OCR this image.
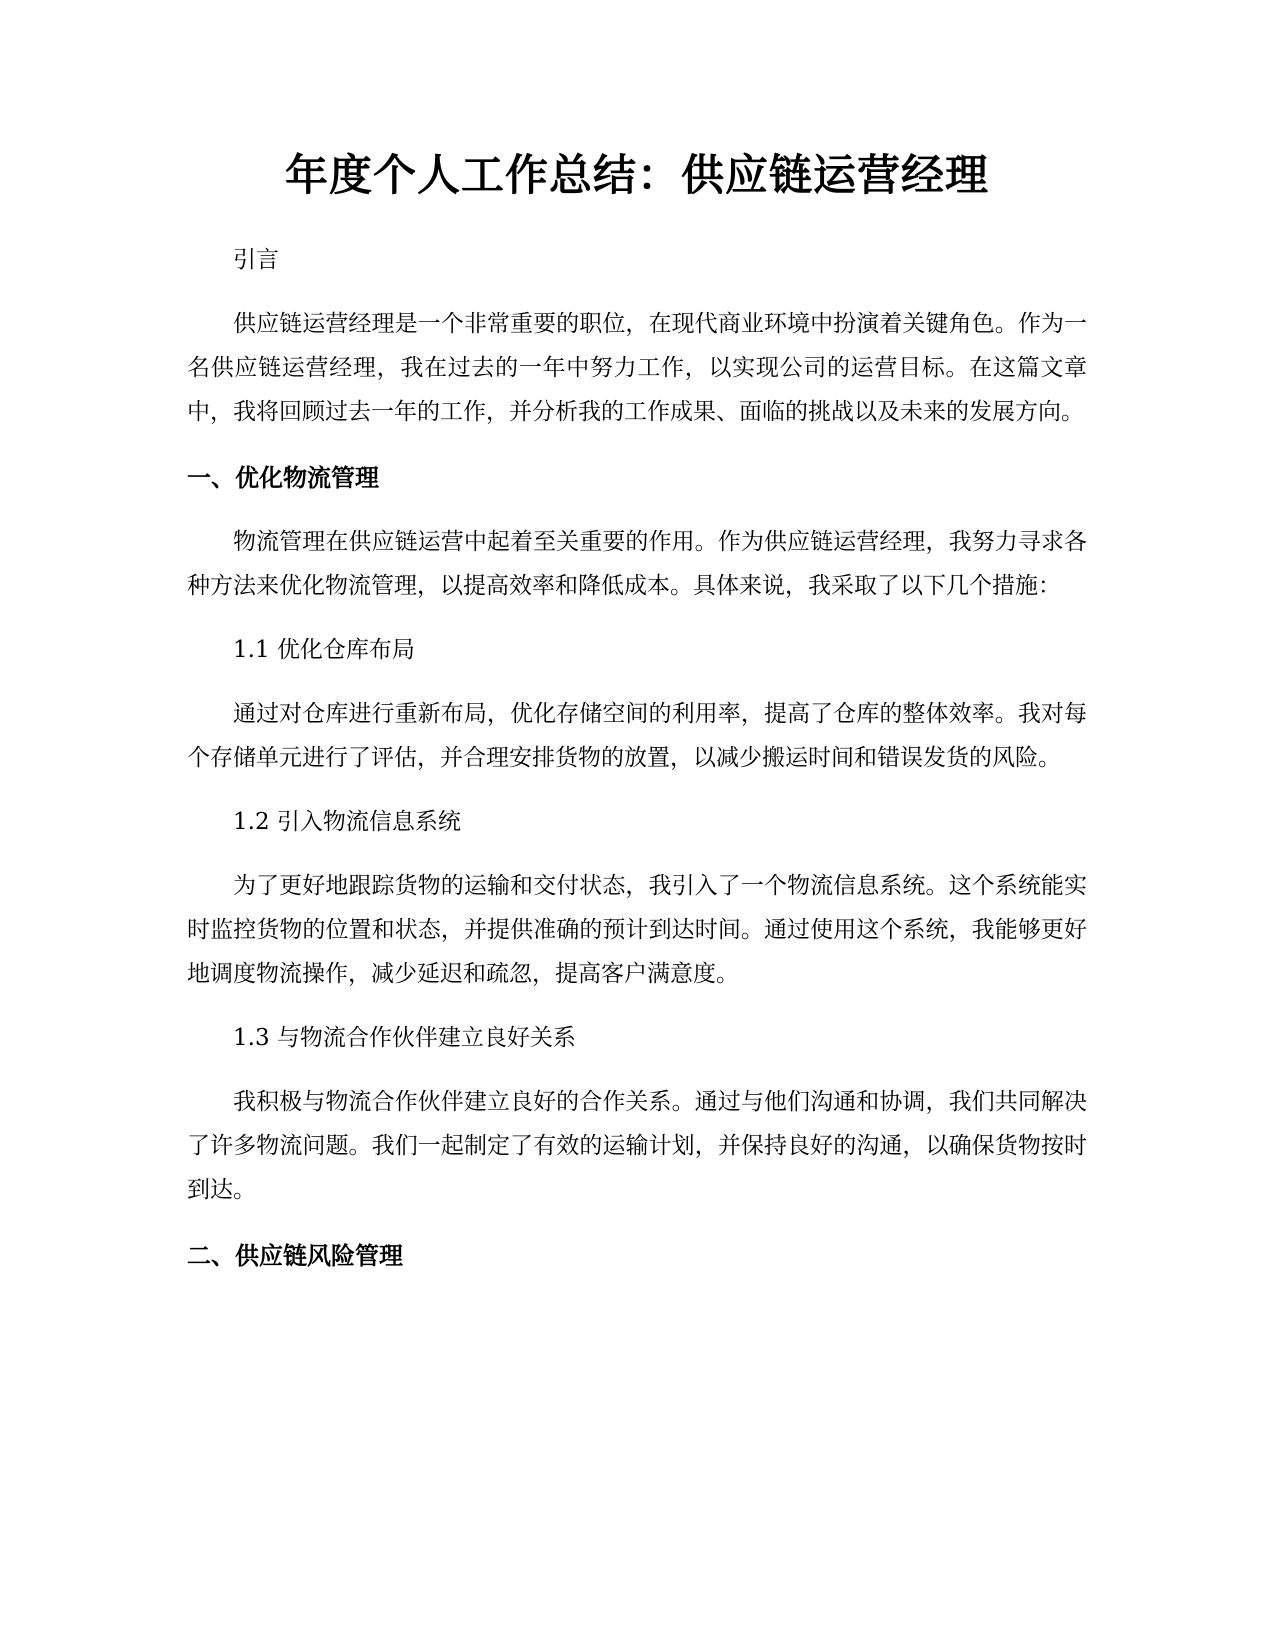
年度个人工作总结：供应链运营经理

引言

供应链运营经理是一个非常重要的职位，在现代商业环境中扮演着关键角色。作为一名供应链运营经理，我在过去的一年中努力工作，以实现公司的运营目标。在这篇文章中，我将回顾过去一年的工作，并分析我的工作成果、面临的挑战以及未来的发展方向。

一、优化物流管理

物流管理在供应链运营中起着至关重要的作用。作为供应链运营经理，我努力寻求各种方法来优化物流管理，以提高效率和降低成本。具体来说，我采取了以下几个措施：

1.1 优化仓库布局

通过对仓库进行重新布局，优化存储空间的利用率，提高了仓库的整体效率。我对每个存储单元进行了评估，并合理安排货物的放置，以减少搬运时间和错误发货的风险。

1.2 引入物流信息系统

为了更好地跟踪货物的运输和交付状态，我引入了一个物流信息系统。这个系统能实时监控货物的位置和状态，并提供准确的预计到达时间。通过使用这个系统，我能够更好地调度物流操作，减少延迟和疏忽，提高客户满意度。

1.3 与物流合作伙伴建立良好关系

我积极与物流合作伙伴建立良好的合作关系。通过与他们沟通和协调，我们共同解决了许多物流问题。我们一起制定了有效的运输计划，并保持良好的沟通，以确保货物按时到达。

二、供应链风险管理
